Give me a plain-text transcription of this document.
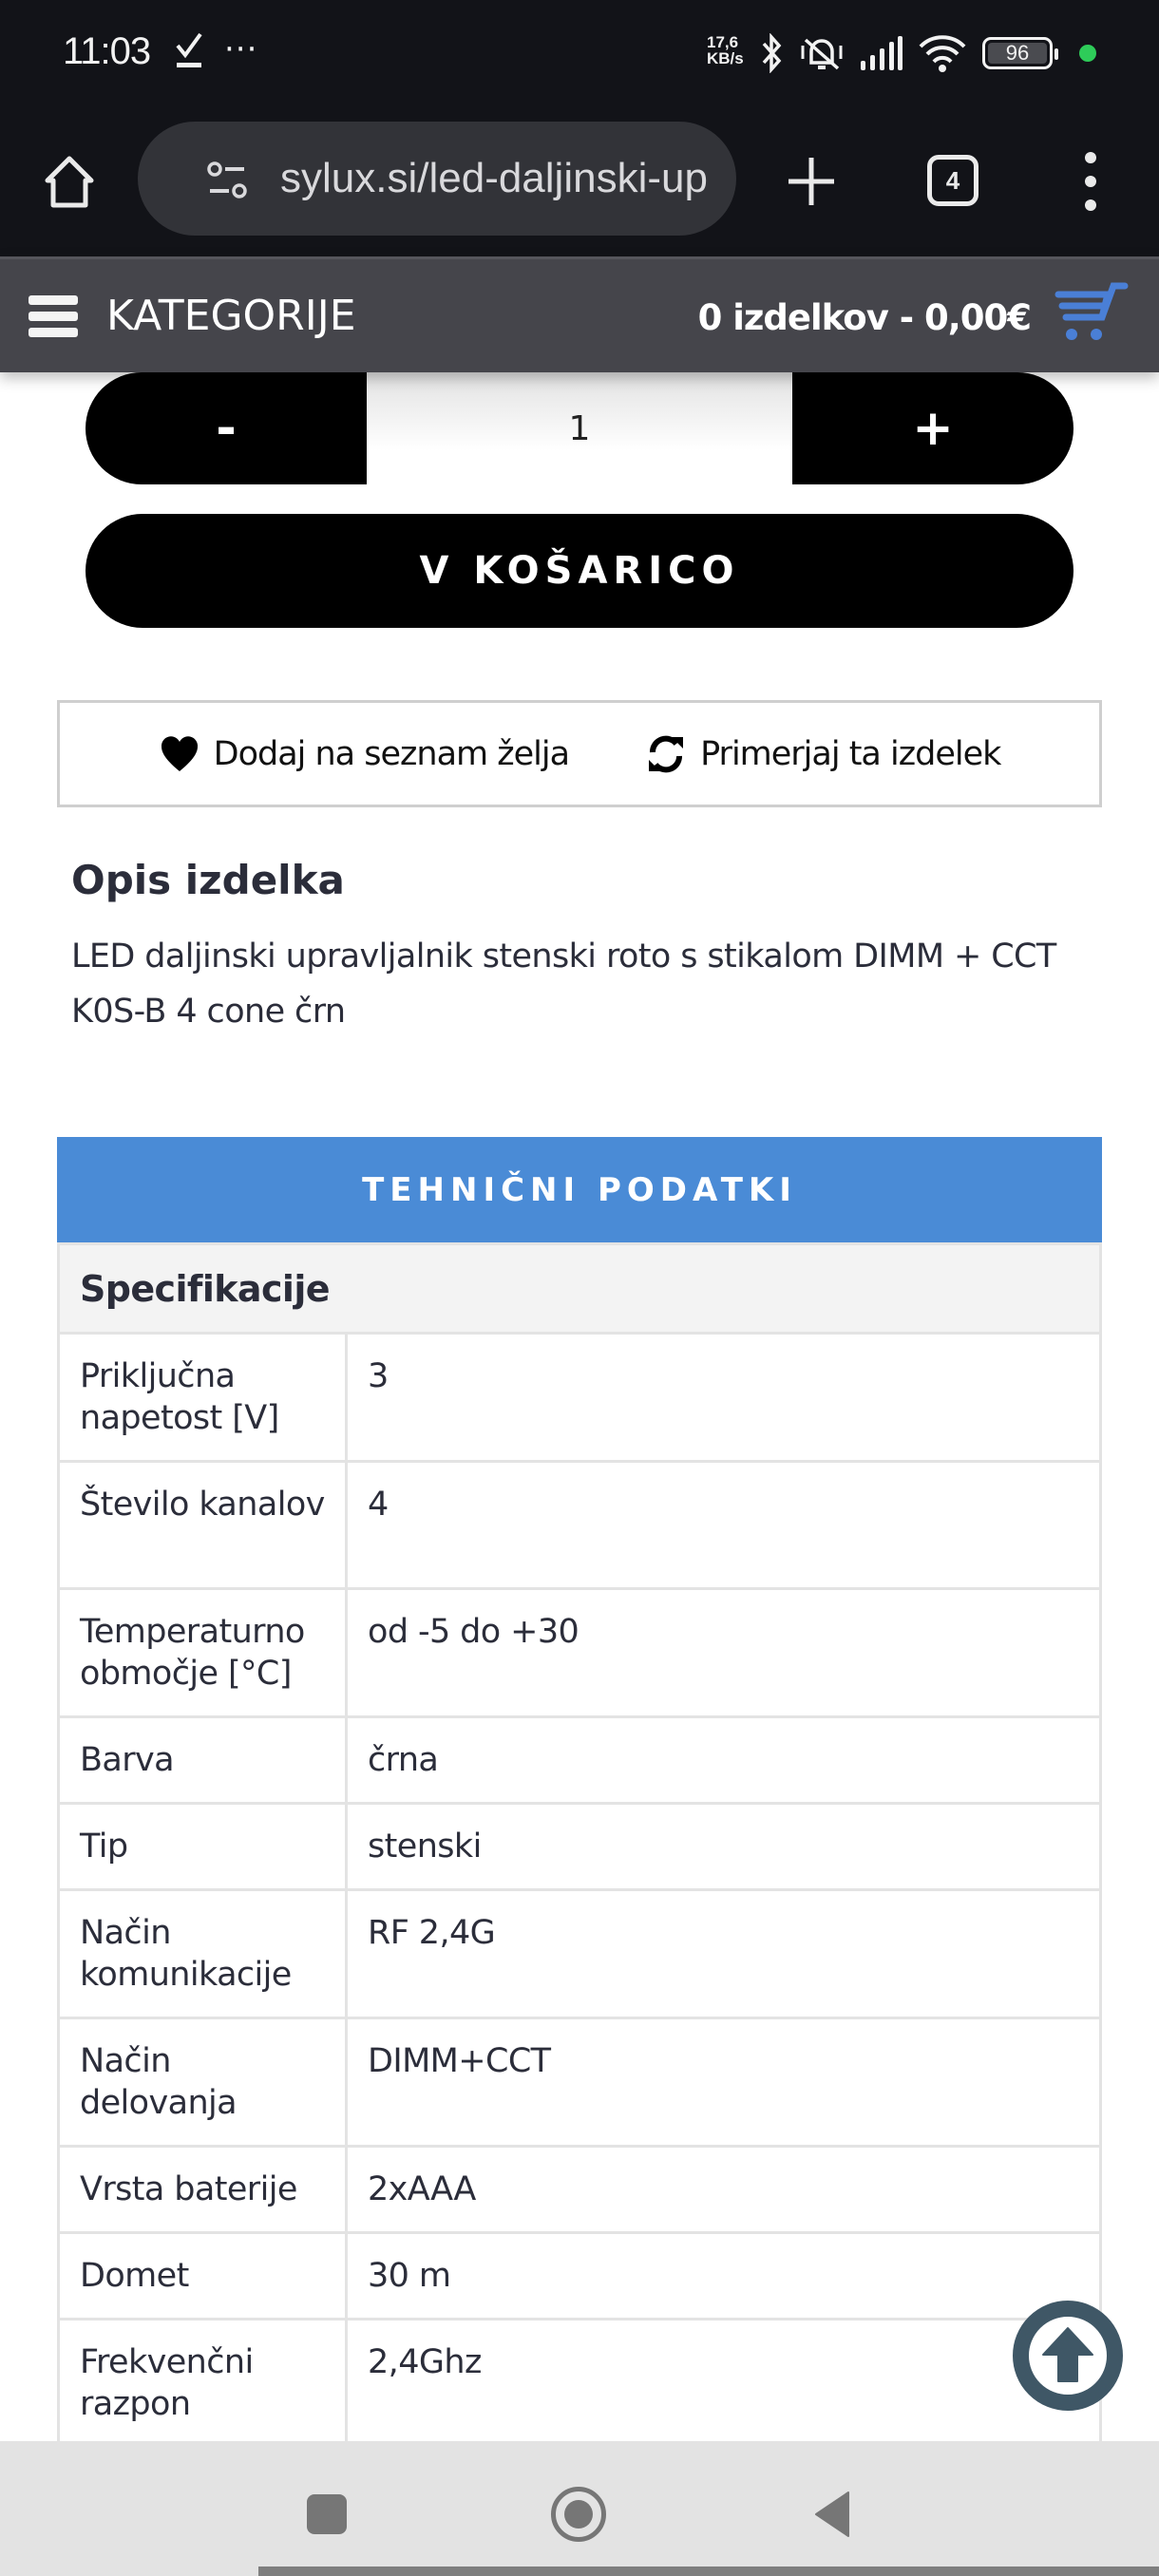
11:03 ···	17,6
KB/s	96
sylux.si/led-daljinski-up	4
KATEGORIJE	0 izdelkov - 0,00€
-
1	+
V KOŠARICO
Dodaj na seznam želja	Primerjaj ta izdelek
Opis izdelka

LED daljinski upravljalnik stenski roto s stikalom DIMM + CCT K0S-B 4 cone črn

TEHNIČNI PODATKI
Specifikacije	
Priključna napetost [V]	3
Število kanalov	4
Temperaturno območje [°C]	od -5 do +30
Barva	črna
Tip	stenski
Način komunikacije	RF 2,4G
Način delovanja	DIMM+CCT
Vrsta baterije	2xAAA
Domet	30 m
Frekvenčni razpon	2,4Ghz
